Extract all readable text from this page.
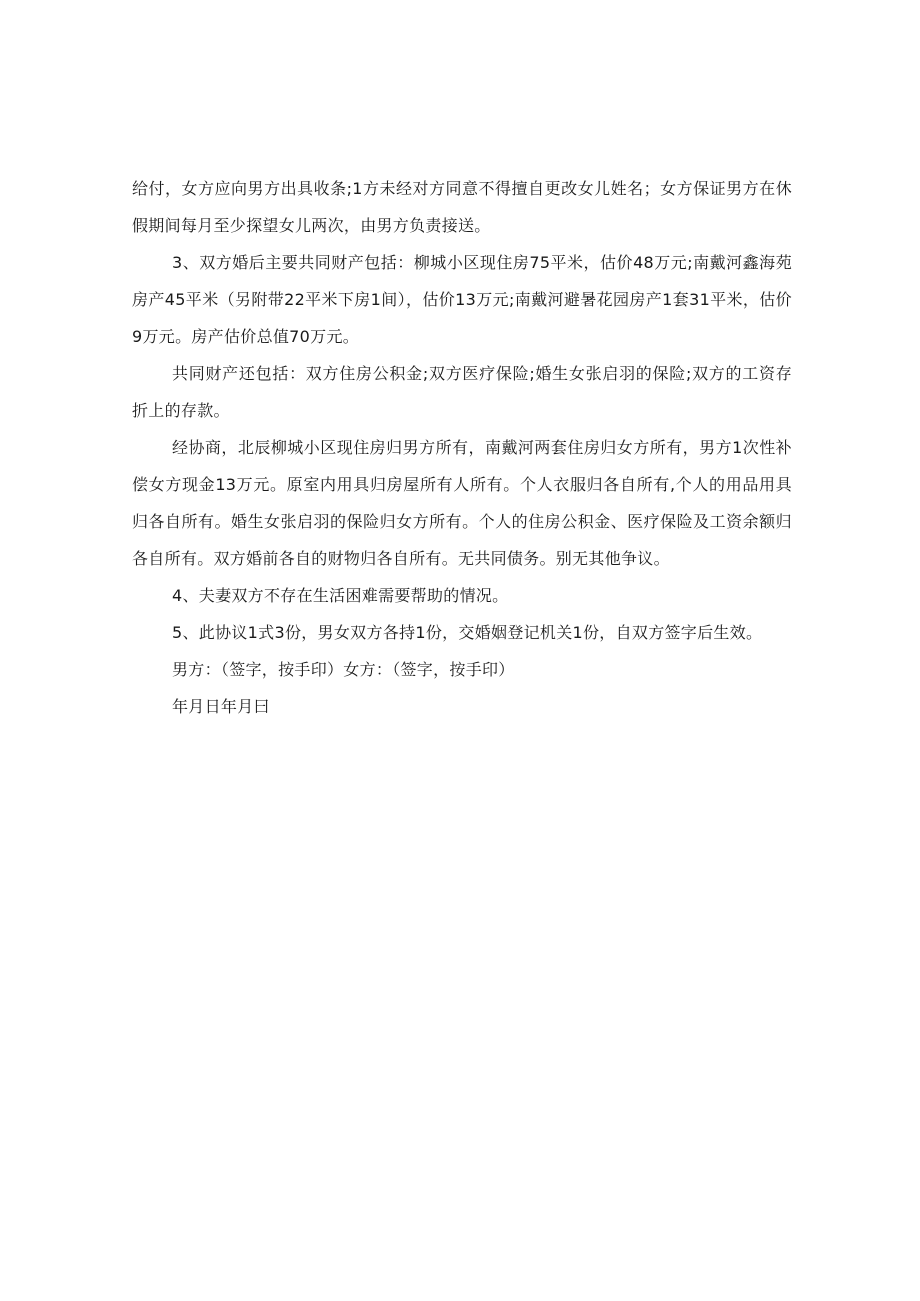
给付，女方应向男方出具收条;1方未经对方同意不得擅自更改女儿姓名；女方保证男方在休假期间每月至少探望女儿两次，由男方负责接送。

3、双方婚后主要共同财产包括：柳城小区现住房75平米，估价48万元;南戴河鑫海苑房产45平米（另附带22平米下房1间），估价13万元;南戴河避暑花园房产1套31平米，估价9万元。房产估价总值70万元。

共同财产还包括：双方住房公积金;双方医疗保险;婚生女张启羽的保险;双方的工资存折上的存款。

经协商，北辰柳城小区现住房归男方所有，南戴河两套住房归女方所有，男方1次性补偿女方现金13万元。原室内用具归房屋所有人所有。个人衣服归各自所有,个人的用品用具归各自所有。婚生女张启羽的保险归女方所有。个人的住房公积金、医疗保险及工资余额归各自所有。双方婚前各自的财物归各自所有。无共同债务。别无其他争议。

4、夫妻双方不存在生活困难需要帮助的情况。

5、此协议1式3份，男女双方各持1份，交婚姻登记机关1份，自双方签字后生效。

男方：（签字，按手印）女方：（签字，按手印）

年月日年月曰
